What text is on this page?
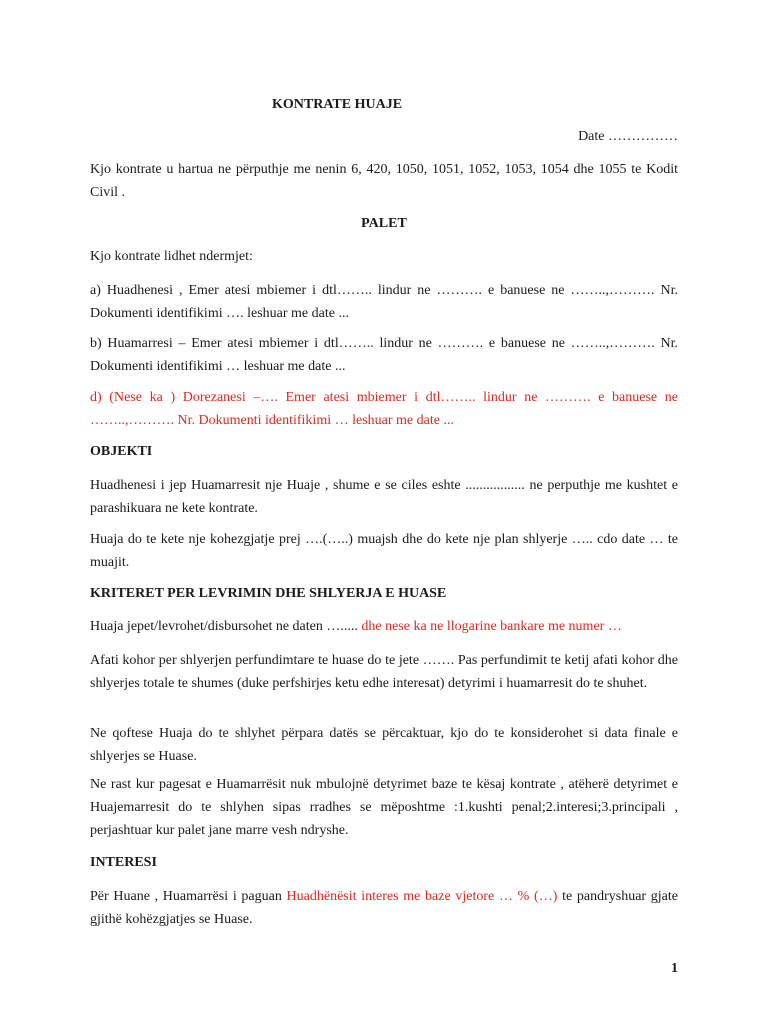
KONTRATE HUAJE
Date ……………

Kjo kontrate u hartua ne përputhje me nenin 6, 420, 1050, 1051, 1052, 1053, 1054 dhe 1055 te Kodit Civil .

PALET

Kjo kontrate lidhet ndermjet:

a) Huadhenesi , Emer atesi mbiemer i dtl…….. lindur ne ………. e banuese ne ……..,………. Nr. Dokumenti identifikimi …. leshuar me date ...

b) Huamarresi – Emer atesi mbiemer i dtl…….. lindur ne ………. e banuese ne ……..,………. Nr. Dokumenti identifikimi … leshuar me date ...

d) (Nese ka ) Dorezanesi –…. Emer atesi mbiemer i dtl…….. lindur ne ………. e banuese ne ……..,………. Nr. Dokumenti identifikimi … leshuar me date ...

OBJEKTI

Huadhenesi i jep Huamarresit nje Huaje , shume e se ciles eshte ................. ne perputhje me kushtet e parashikuara ne kete kontrate.

Huaja do te kete nje kohezgjatje prej ….(…..) muajsh dhe do kete nje plan shlyerje ….. cdo date … te muajit.

KRITERET PER LEVRIMIN DHE SHLYERJA E HUASE

Huaja jepet/levrohet/disbursohet ne daten …..... dhe nese ka ne llogarine bankare me numer …

Afati kohor per shlyerjen perfundimtare te huase do te jete ……. Pas perfundimit te ketij afati kohor dhe shlyerjes totale te shumes (duke perfshirjes ketu edhe interesat) detyrimi i huamarresit do te shuhet.

Ne qoftese Huaja do te shlyhet përpara datës se përcaktuar, kjo do te konsiderohet si data finale e shlyerjes se Huase.

Ne rast kur pagesat e Huamarrësit nuk mbulojnë detyrimet baze te kësaj kontrate , atëherë detyrimet e Huajemarresit do te shlyhen sipas rradhes se mëposhtme :1.kushti penal;2.interesi;3.principali , perjashtuar kur palet jane marre vesh ndryshe.

INTERESI

Për Huane , Huamarrësi i paguan Huadhënësit interes me baze vjetore … % (…) te pandryshuar gjate gjithë kohëzgjatjes se Huase.

1
